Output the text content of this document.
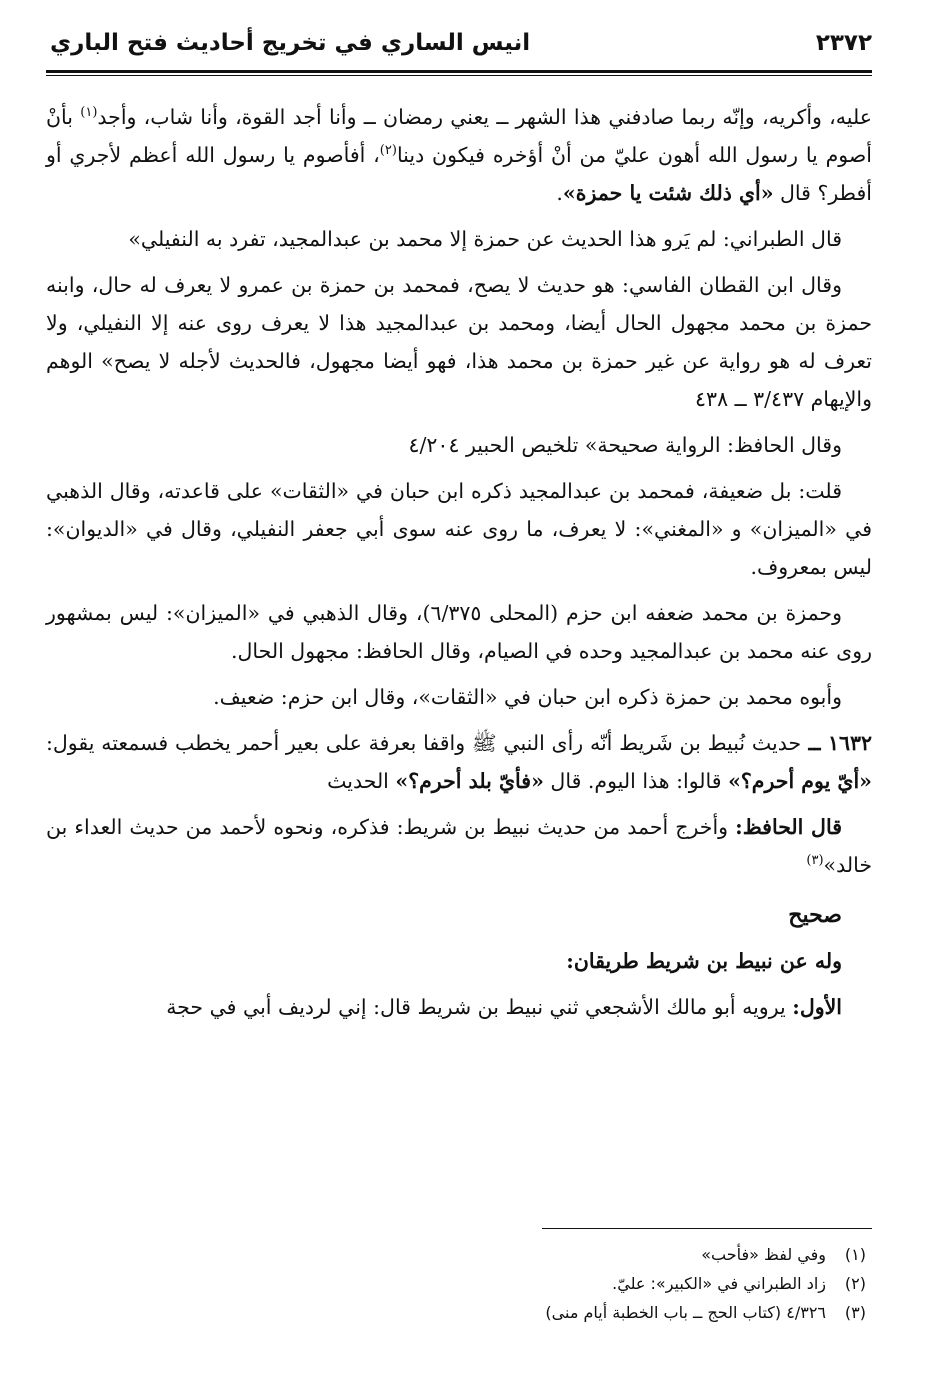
٢٣٧٢
انيس الساري في تخريج أحاديث فتح الباري

عليه، وأكريه، وإنّه ربما صادفني هذا الشهر ــ يعني رمضان ــ وأنا أجد القوة، وأنا شاب، وأجد$^{(١)}$ بأنْ أصوم يا رسول الله أهون عليّ من أنْ أؤخره فيكون دينا$^{(٢)}$، أفأصوم يا رسول الله أعظم لأجري أو أفطر؟ قال «أي ذلك شئت يا حمزة».

قال الطبراني: لم يَرو هذا الحديث عن حمزة إلا محمد بن عبدالمجيد، تفرد به النفيلي»

وقال ابن القطان الفاسي: هو حديث لا يصح، فمحمد بن حمزة بن عمرو لا يعرف له حال، وابنه حمزة بن محمد مجهول الحال أيضا، ومحمد بن عبدالمجيد هذا لا يعرف روى عنه إلا النفيلي، ولا تعرف له هو رواية عن غير حمزة بن محمد هذا، فهو أيضا مجهول، فالحديث لأجله لا يصح» الوهم والإيهام ٣/٤٣٧ ــ ٤٣٨

وقال الحافظ: الرواية صحيحة» تلخيص الحبير ٤/٢٠٤

قلت: بل ضعيفة، فمحمد بن عبدالمجيد ذكره ابن حبان في «الثقات» على قاعدته، وقال الذهبي في «الميزان» و «المغني»: لا يعرف، ما روى عنه سوى أبي جعفر النفيلي، وقال في «الديوان»: ليس بمعروف.

وحمزة بن محمد ضعفه ابن حزم (المحلى ٦/٣٧٥)، وقال الذهبي في «الميزان»: ليس بمشهور روى عنه محمد بن عبدالمجيد وحده في الصيام، وقال الحافظ: مجهول الحال.

وأبوه محمد بن حمزة ذكره ابن حبان في «الثقات»، وقال ابن حزم: ضعيف.

١٦٣٢ ــ حديث نُبيط بن شَريط أنّه رأى النبي ﷺ واقفا بعرفة على بعير أحمر يخطب فسمعته يقول: «أيّ يوم أحرم؟» قالوا: هذا اليوم. قال «فأيّ بلد أحرم؟» الحديث

قال الحافظ: وأخرج أحمد من حديث نبيط بن شريط: فذكره، ونحوه لأحمد من حديث العداء بن خالد»$^{(٣)}$

صحيح
وله عن نبيط بن شريط طريقان:

الأول: يرويه أبو مالك الأشجعي ثني نبيط بن شريط قال: إني لرديف أبي في حجة

(١)وفي لفظ «فأحب»
(٢)زاد الطبراني في «الكبير»: عليّ.
(٣)٤/٣٢٦ (كتاب الحج ــ باب الخطبة أيام منى)
